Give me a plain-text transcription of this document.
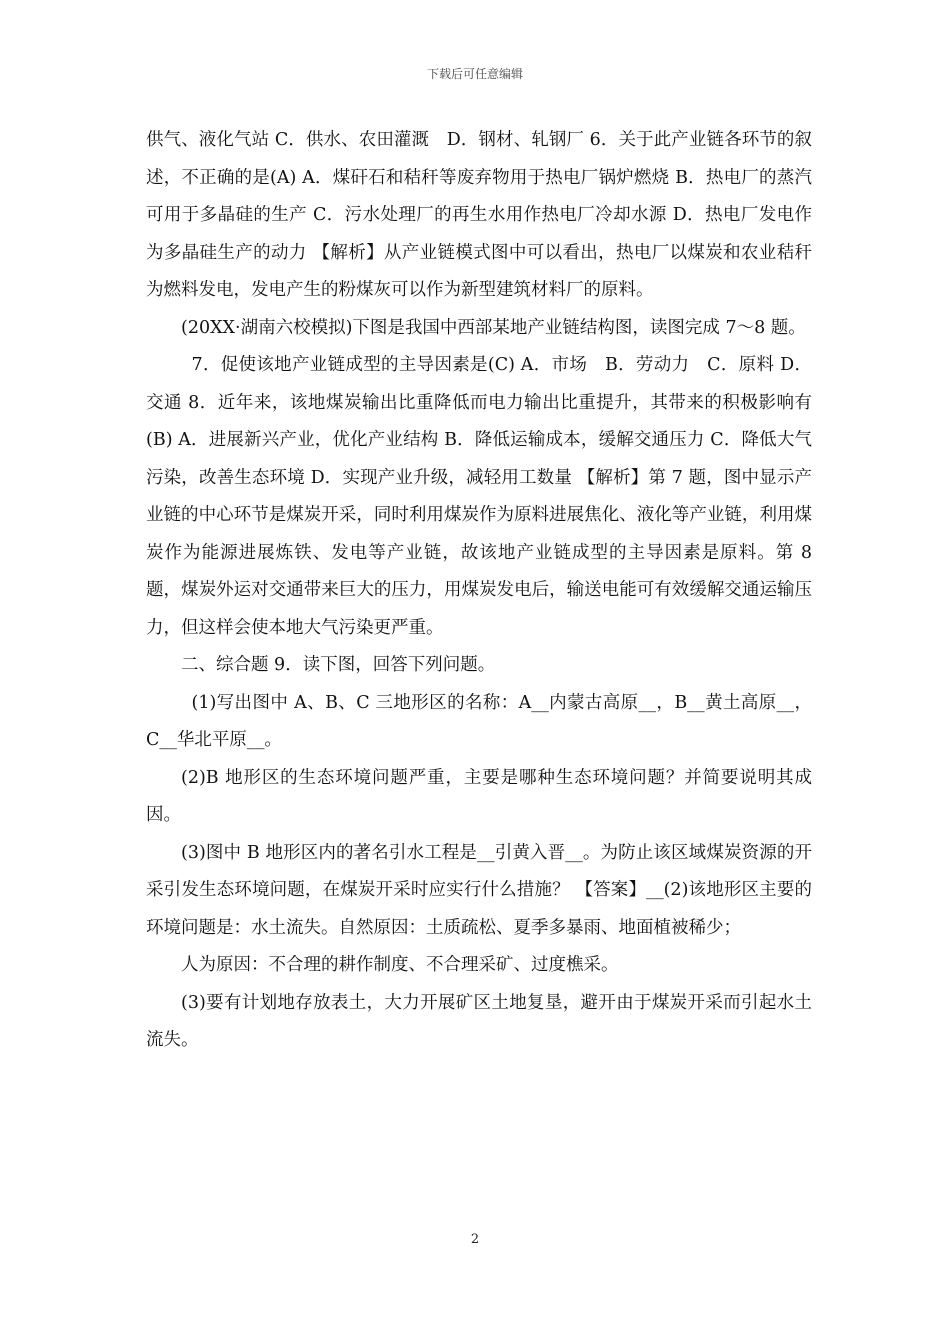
下载后可任意编辑

供气、液化气站 C．供水、农田灌溉　D．钢材、轧钢厂 6．关于此产业链各环节的叙述，不正确的是(A) A．煤矸石和秸秆等废弃物用于热电厂锅炉燃烧 B．热电厂的蒸汽可用于多晶硅的生产 C．污水处理厂的再生水用作热电厂冷却水源 D．热电厂发电作为多晶硅生产的动力 【解析】从产业链模式图中可以看出，热电厂以煤炭和农业秸秆为燃料发电，发电产生的粉煤灰可以作为新型建筑材料厂的原料。

(20XX·湖南六校模拟)下图是我国中西部某地产业链结构图，读图完成 7～8 题。

7．促使该地产业链成型的主导因素是(C) A．市场　B．劳动力　C．原料 D．交通 8．近年来，该地煤炭输出比重降低而电力输出比重提升，其带来的积极影响有(B) A．进展新兴产业，优化产业结构 B．降低运输成本，缓解交通压力 C．降低大气污染，改善生态环境 D．实现产业升级，减轻用工数量 【解析】第 7 题，图中显示产业链的中心环节是煤炭开采，同时利用煤炭作为原料进展焦化、液化等产业链，利用煤炭作为能源进展炼铁、发电等产业链，故该地产业链成型的主导因素是原料。第 8 题，煤炭外运对交通带来巨大的压力，用煤炭发电后，输送电能可有效缓解交通运输压力，但这样会使本地大气污染更严重。

二、综合题 9．读下图，回答下列问题。

(1)写出图中 A、B、C 三地形区的名称：A__内蒙古高原__，B__黄土高原__，C__华北平原__。

(2)B 地形区的生态环境问题严重，主要是哪种生态环境问题？并简要说明其成因。

(3)图中 B 地形区内的著名引水工程是__引黄入晋__。为防止该区域煤炭资源的开采引发生态环境问题，在煤炭开采时应实行什么措施？ 【答案】__(2)该地形区主要的环境问题是：水土流失。自然原因：土质疏松、夏季多暴雨、地面植被稀少；

人为原因：不合理的耕作制度、不合理采矿、过度樵采。

(3)要有计划地存放表土，大力开展矿区土地复垦，避开由于煤炭开采而引起水土流失。

2
